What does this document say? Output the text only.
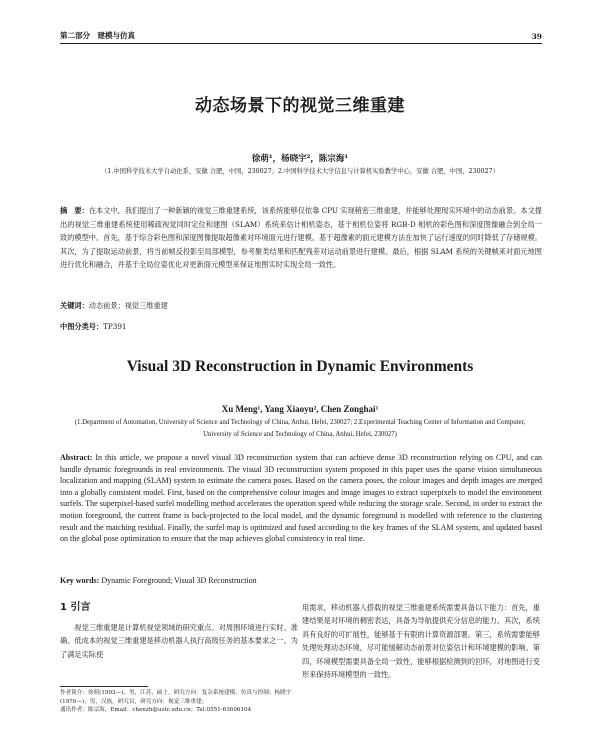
第二部分　建模与仿真	39
动态场景下的视觉三维重建
徐萌¹，杨晓宇²，陈宗海¹
（1.中国科学技术大学自动化系，安徽 合肥，中国，230027；2.中国科学技术大学信息与计算机实验教学中心，安徽 合肥，中国，230027）
摘　要：在本文中，我们提出了一种新颖的视觉三维重建系统，该系统能够仅依靠 CPU 实现稍密三维重建，并能够处理现实环境中的动态前景。本文提出的视觉三维重建系统使用稀疏视觉同时定位和建图（SLAM）系统来估计相机姿态，基于相机位姿将 RGB-D 相机的彩色图和深度图像融合到全局一致的模型中。首先，基于综合彩色图和深度图像提取超像素对环境面元进行建模。基于超像素的面元建模方法在加快了运行速度的同时降低了存储规模。其次，为了提取运动前景，将当前帧反投影至局部模型，参考聚类结果和匹配残差对运动前景进行建模。最后，根据 SLAM 系统的关键帧来对面元地图进行优化和融合，并基于全局位姿优化对更新面元模型来保证地图实时实现全局一致性。
关键词：动态前景；视觉三维重建
中图分类号：TP391
Visual 3D Reconstruction in Dynamic Environments
Xu Meng¹, Yang Xiaoyu², Chen Zonghai¹
(1.Department of Automation, University of Science and Technology of China, Anhui, Hefei, 230027; 2.Experimental Teaching Center of Information and Computer, University of Science and Technology of China, Anhui, Hefei, 230027)
Abstract: In this article, we propose a novel visual 3D reconstruction system that can achieve dense 3D reconstruction relying on CPU, and can handle dynamic foregrounds in real environments. The visual 3D reconstruction system proposed in this paper uses the sparse vision simultaneous localization and mapping (SLAM) system to estimate the camera poses. Based on the camera poses, the colour images and depth images are merged into a globally consistent model. First, based on the comprehensive colour images and image images to extract superpixels to model the environment surfels. The superpixel-based surfel modelling method accelerates the operation speed while reducing the storage scale. Second, in order to extract the motion foreground, the current frame is back-projected to the local model, and the dynamic foreground is modelled with reference to the clustering result and the matching residual. Finally, the surfel map is optimized and fused according to the key frames of the SLAM system, and updated based on the global pose optimization to ensure that the map achieves global consistency in real time.
Key words: Dynamic Foreground; Visual 3D Reconstruction
1 引言

视觉三维重建是计算机视觉领域的研究重点。对周围环境进行实时、准确、低成本的视觉三维重建是移动机器人执行高级任务的基本要求之一。为了满足实际使

用需求，移动机器人搭载的视觉三维重建系统需要具备以下能力：首先，重建结果是对环境的稠密表达，具备为导航提供充分信息的能力。其次，系统具有良好的可扩展性，能够基于有限的计算资源部署。第三，系统需要能够处理处理动态环境，尽可能缓解动态前景对位姿估计和环境建模的影响。第四，环境模型需要具备全局一致性，能够根据检测到的回环，对地图进行变形来保持环境模型的一致性。

作者简介：徐萌(1993—)，男，江苏，硕士，研究方向：复杂系统建模、仿真与控制；杨晓宇(1976—)，男，汉族，研究员，研究方向：视觉三维重建；

通讯作者：陈宗海，Email：chenzh@ustc.edu.cn；Tel:0551-63606104
